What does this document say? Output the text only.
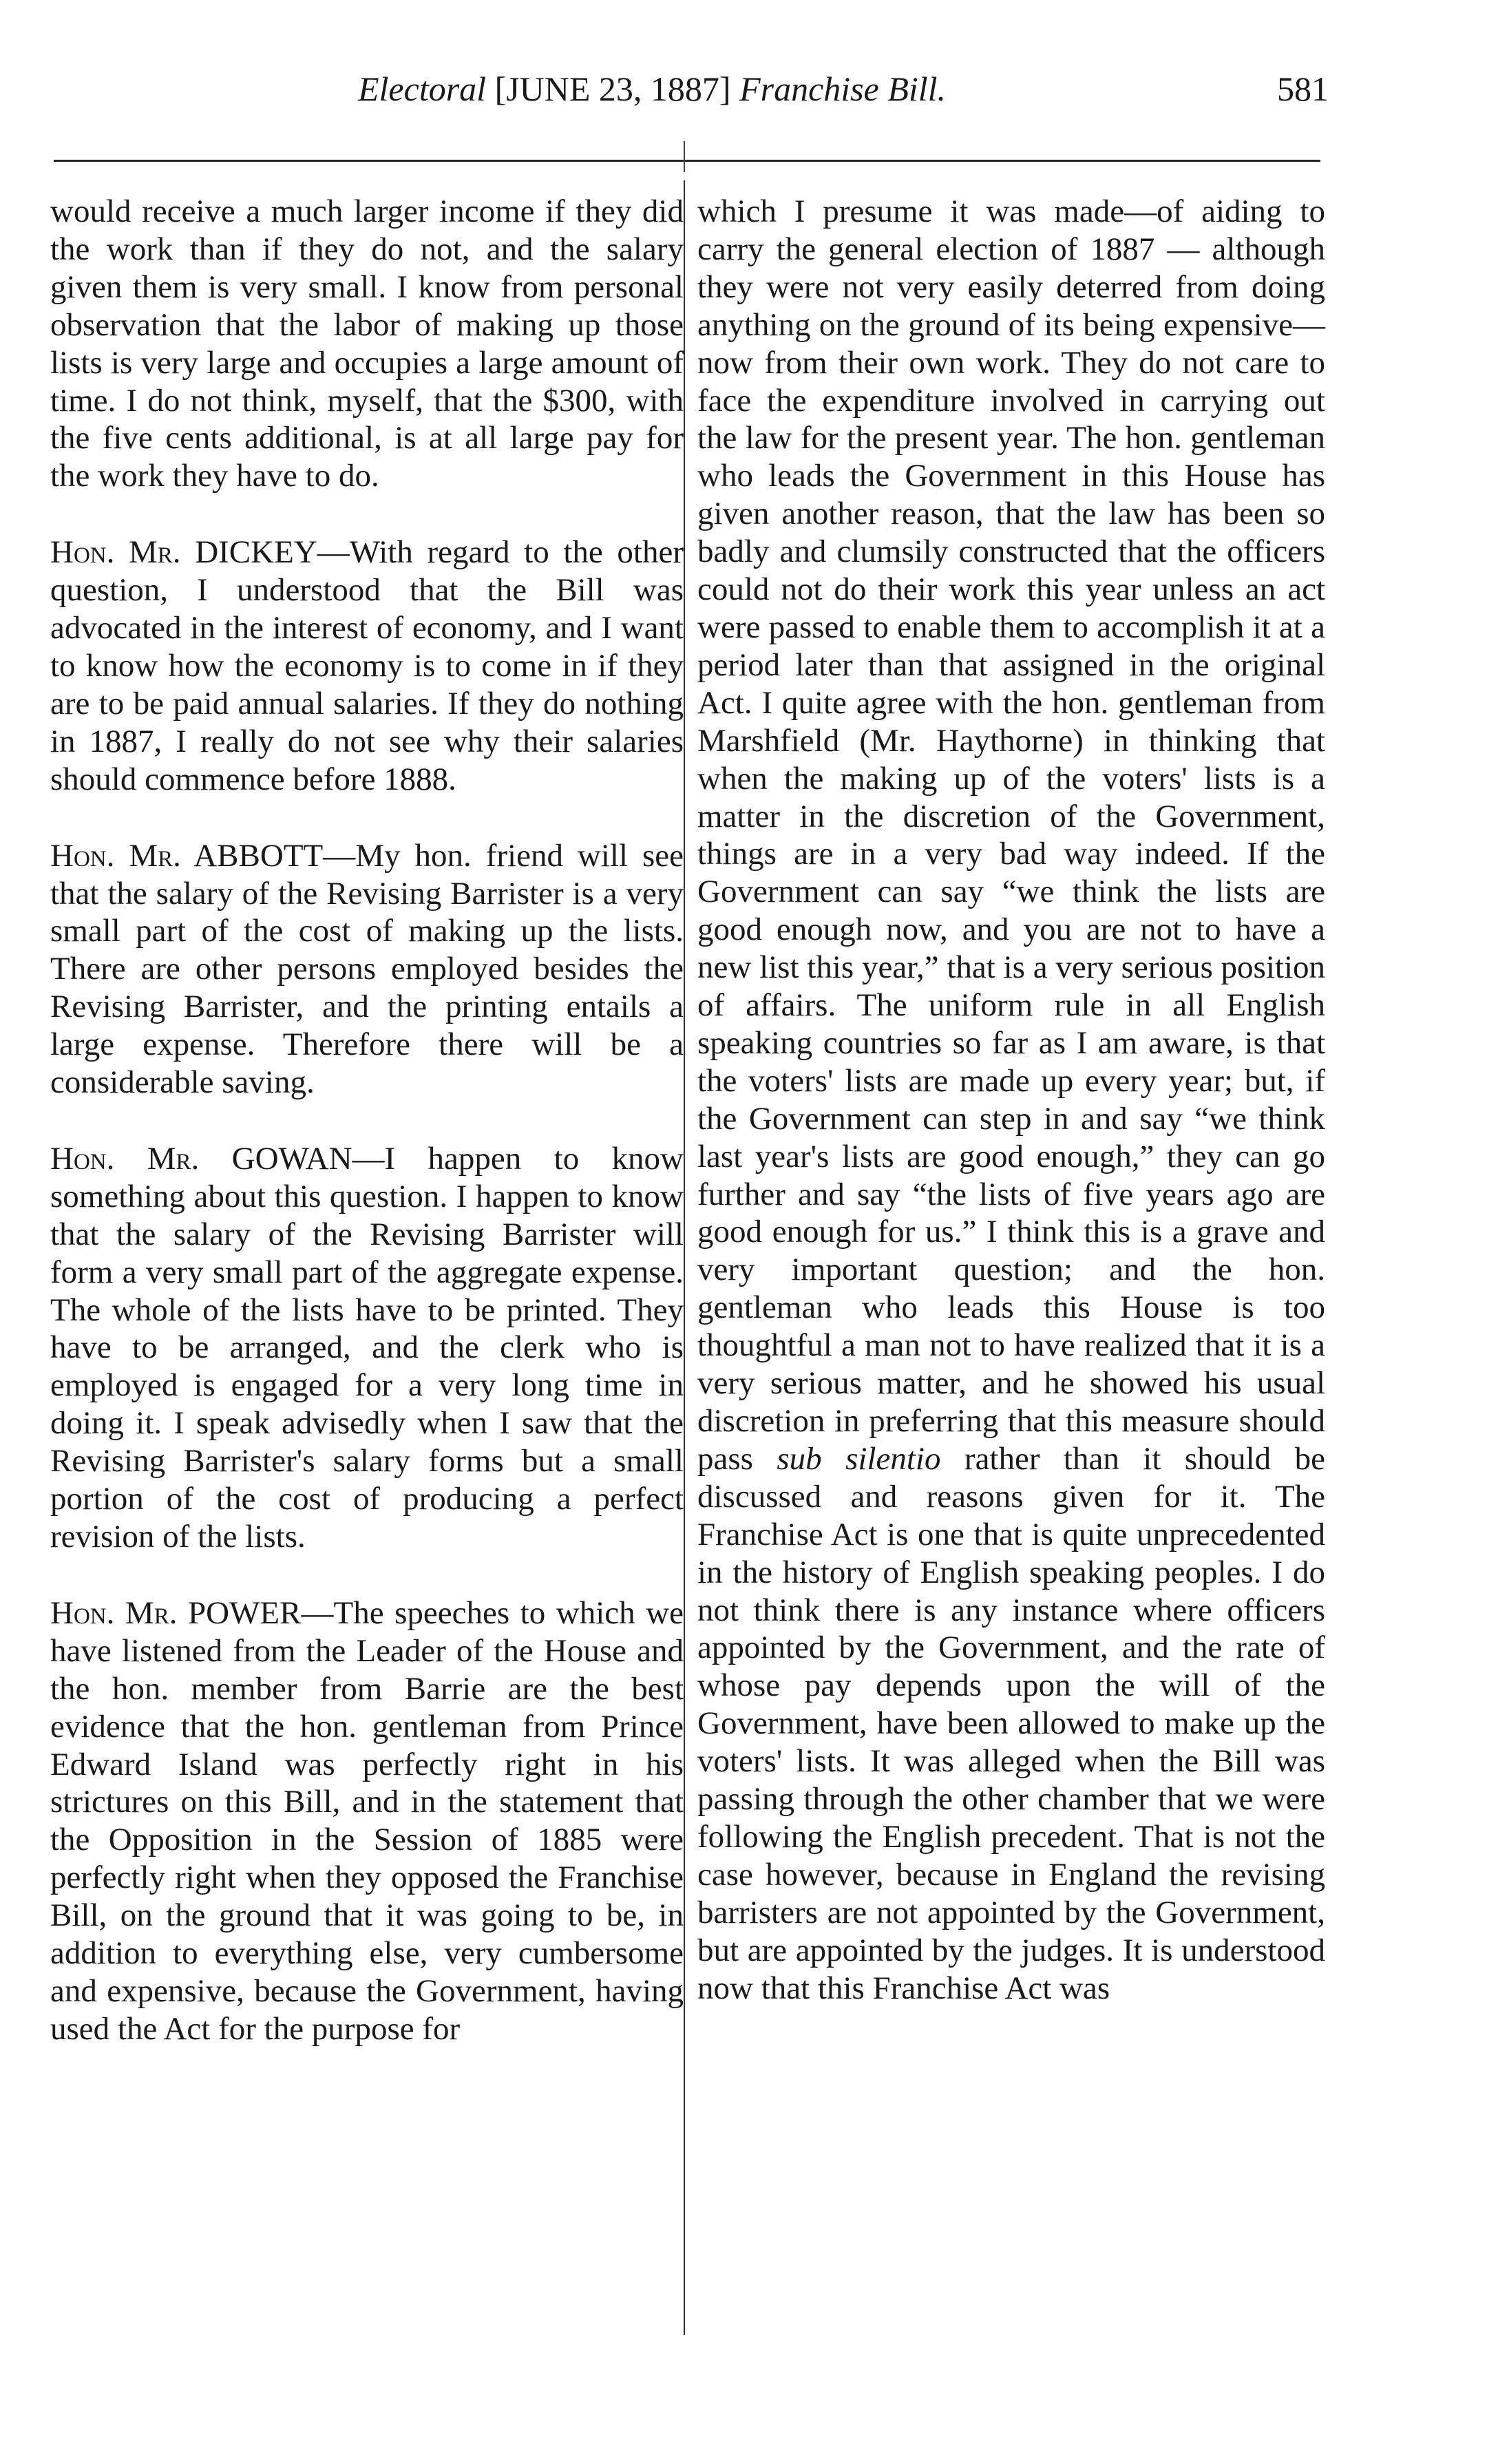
Electoral [JUNE 23, 1887] Franchise Bill.	581

would receive a much larger income if they did the work than if they do not, and the salary given them is very small. I know from personal observation that the labor of making up those lists is very large and occupies a large amount of time. I do not think, myself, that the $300, with the five cents additional, is at all large pay for the work they have to do.

Hon. Mr. DICKEY—With regard to the other question, I understood that the Bill was advocated in the interest of economy, and I want to know how the economy is to come in if they are to be paid annual salaries. If they do nothing in 1887, I really do not see why their salaries should commence before 1888.

Hon. Mr. ABBOTT—My hon. friend will see that the salary of the Revising Barrister is a very small part of the cost of making up the lists. There are other persons employed besides the Revising Barrister, and the printing entails a large expense. Therefore there will be a considerable saving.

Hon. Mr. GOWAN—I happen to know something about this question. I happen to know that the salary of the Revising Barrister will form a very small part of the aggregate expense. The whole of the lists have to be printed. They have to be arranged, and the clerk who is employed is engaged for a very long time in doing it. I speak advisedly when I saw that the Revising Barrister's salary forms but a small portion of the cost of producing a perfect revision of the lists.

Hon. Mr. POWER—The speeches to which we have listened from the Leader of the House and the hon. member from Barrie are the best evidence that the hon. gentleman from Prince Edward Island was perfectly right in his strictures on this Bill, and in the statement that the Opposition in the Session of 1885 were perfectly right when they opposed the Franchise Bill, on the ground that it was going to be, in addition to everything else, very cumbersome and expensive, because the Government, having used the Act for the purpose for

which I presume it was made—of aiding to carry the general election of 1887 — although they were not very easily deterred from doing anything on the ground of its being expensive—now from their own work. They do not care to face the expenditure involved in carrying out the law for the present year. The hon. gentleman who leads the Government in this House has given another reason, that the law has been so badly and clumsily constructed that the officers could not do their work this year unless an act were passed to enable them to accomplish it at a period later than that assigned in the original Act. I quite agree with the hon. gentleman from Marshfield (Mr. Haythorne) in thinking that when the making up of the voters' lists is a matter in the discretion of the Government, things are in a very bad way indeed. If the Government can say “we think the lists are good enough now, and you are not to have a new list this year,” that is a very serious position of affairs. The uniform rule in all English speaking countries so far as I am aware, is that the voters' lists are made up every year; but, if the Government can step in and say “we think last year's lists are good enough,” they can go further and say “the lists of five years ago are good enough for us.” I think this is a grave and very important question; and the hon. gentleman who leads this House is too thoughtful a man not to have realized that it is a very serious matter, and he showed his usual discretion in preferring that this measure should pass sub silentio rather than it should be discussed and reasons given for it. The Franchise Act is one that is quite unprecedented in the history of English speaking peoples. I do not think there is any instance where officers appointed by the Government, and the rate of whose pay depends upon the will of the Government, have been allowed to make up the voters' lists. It was alleged when the Bill was passing through the other chamber that we were following the English precedent. That is not the case however, because in England the revising barristers are not appointed by the Government, but are appointed by the judges. It is understood now that this Franchise Act was
